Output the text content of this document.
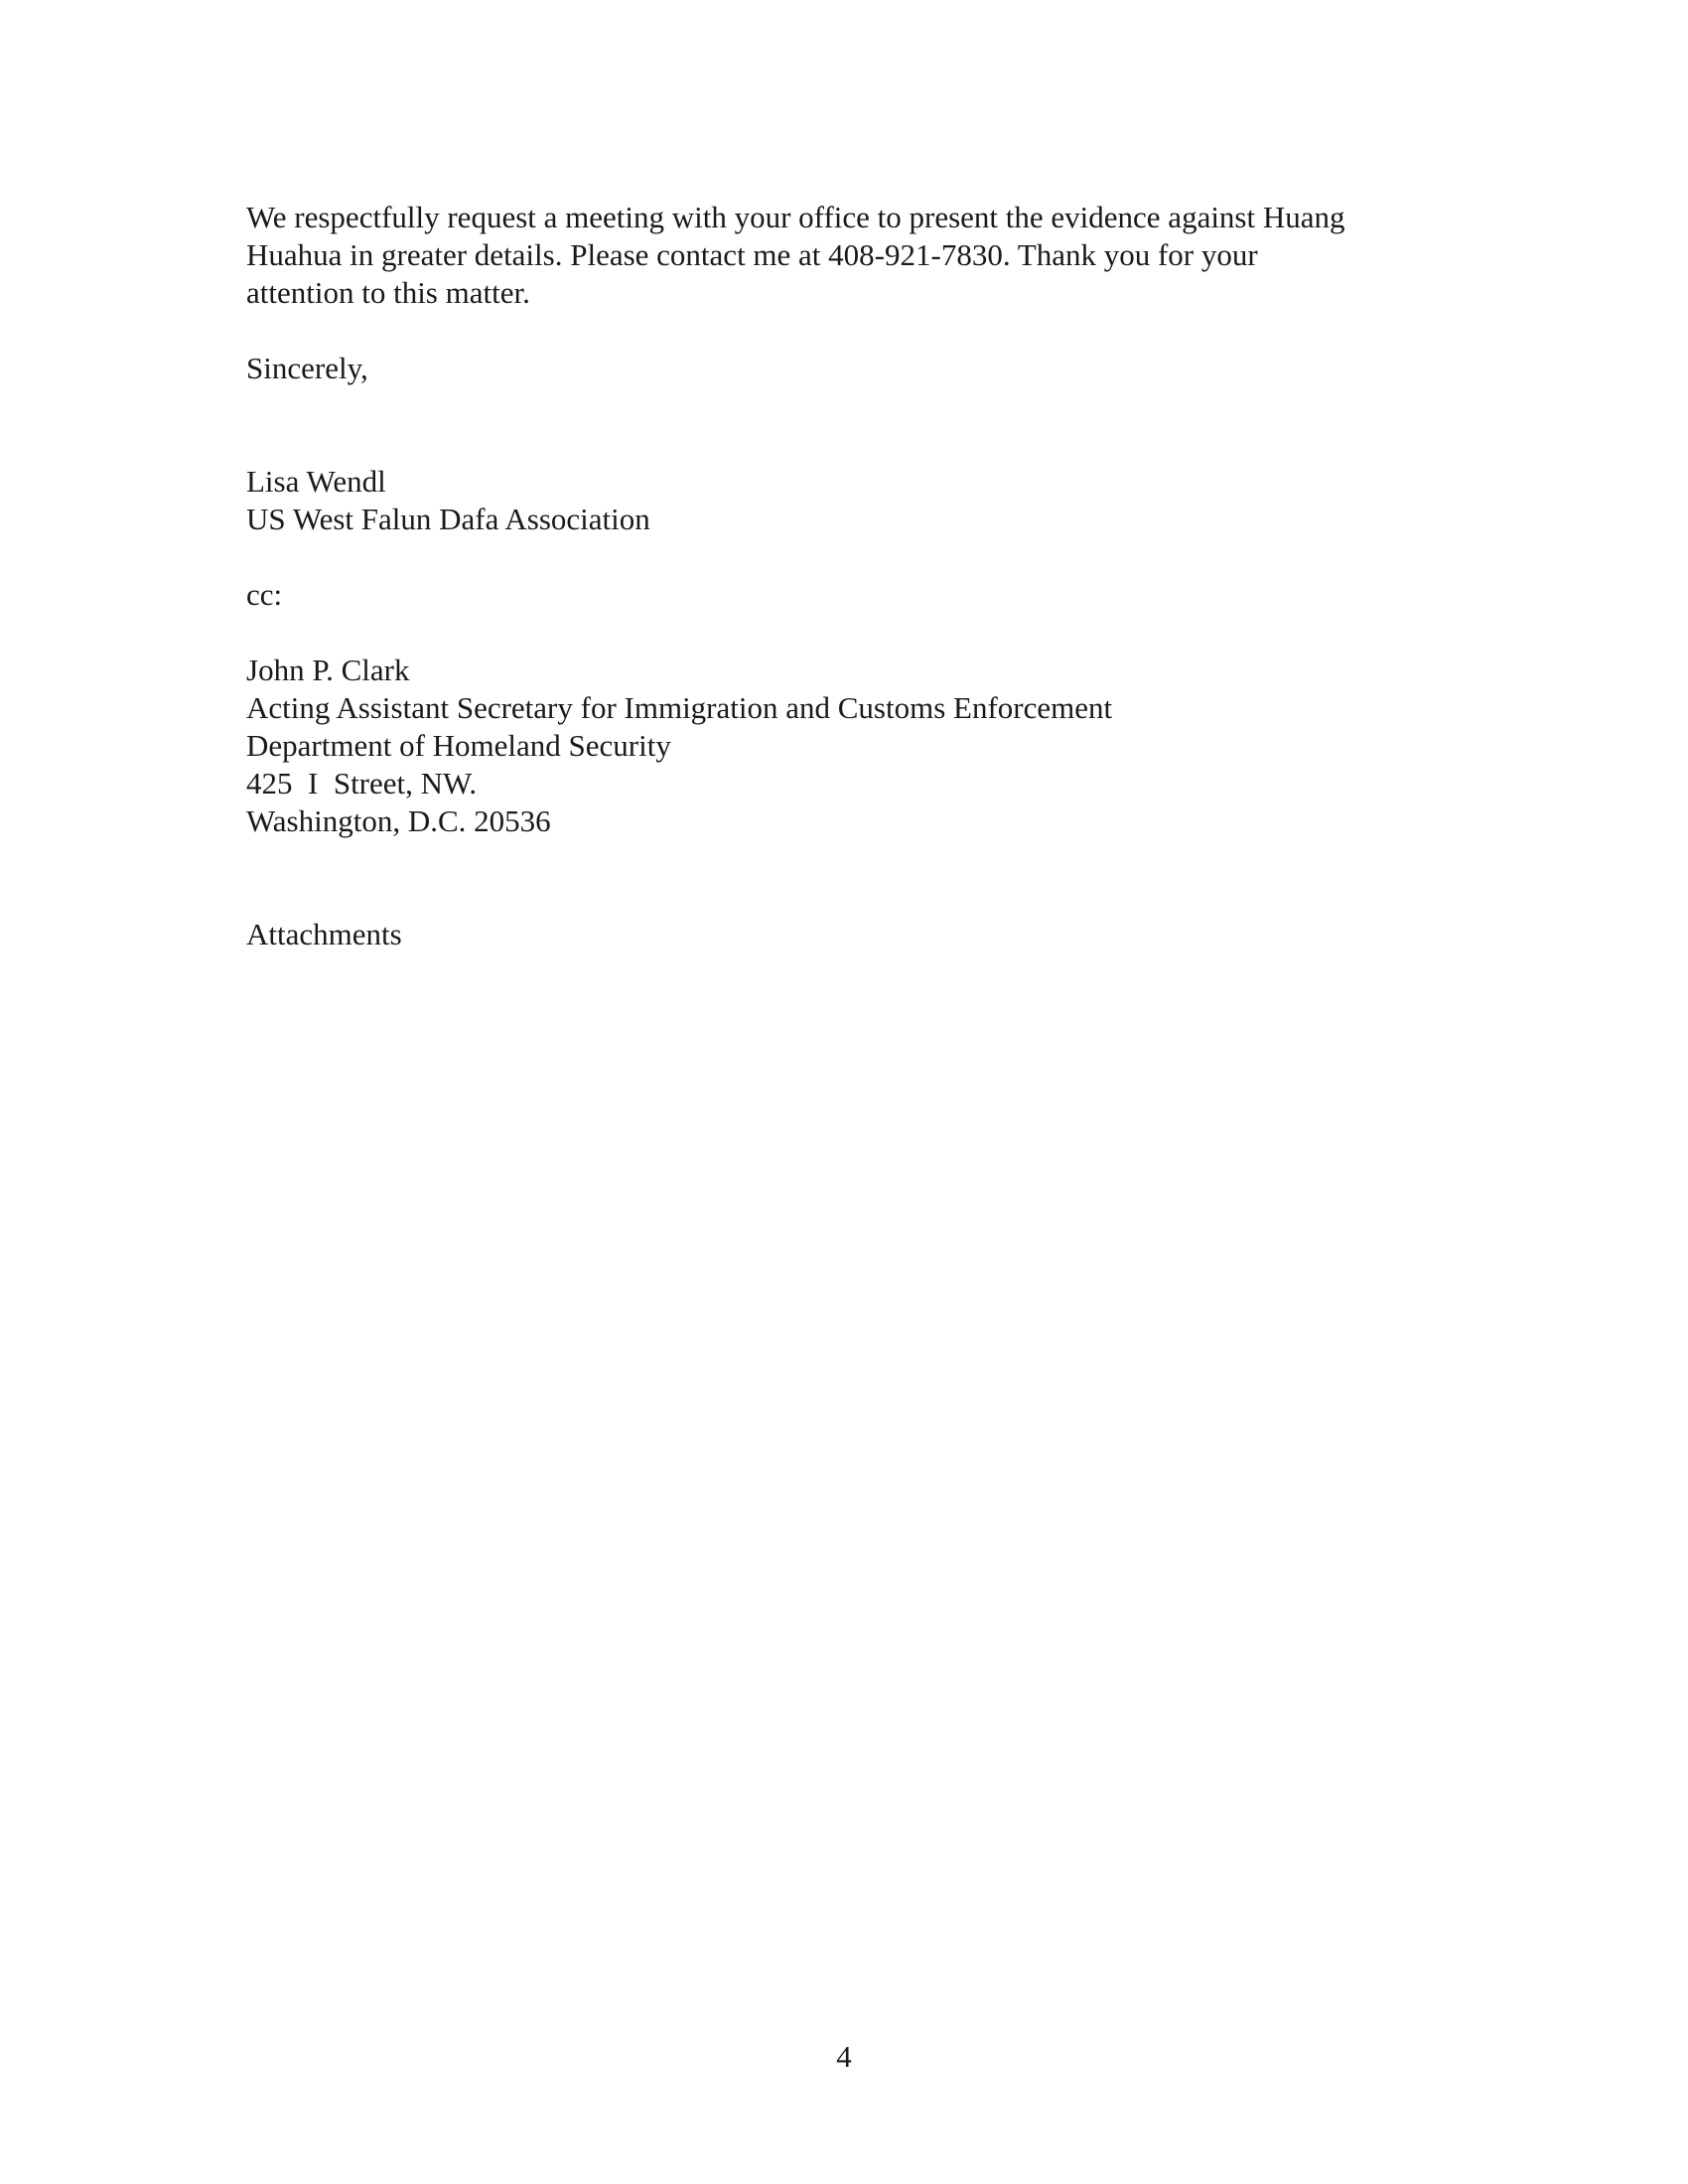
We respectfully request a meeting with your office to present the evidence against Huang
Huahua in greater details. Please contact me at 408-921-7830. Thank you for your
attention to this matter.

Sincerely,

Lisa Wendl
US West Falun Dafa Association

cc:

John P. Clark
Acting Assistant Secretary for Immigration and Customs Enforcement
Department of Homeland Security
425  I  Street, NW.
Washington, D.C. 20536

Attachments

4
